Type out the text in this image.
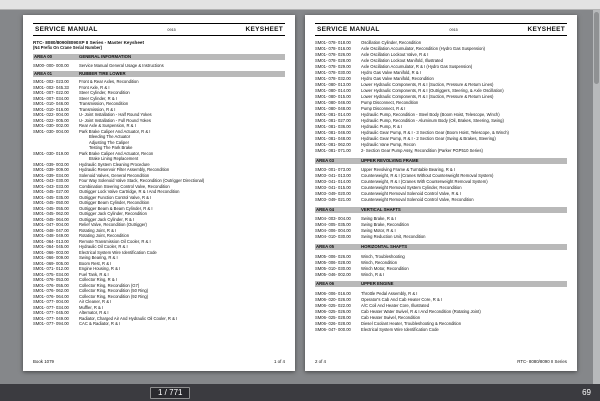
SERVICE MANUAL	0915	KEYSHEET
RTC- 8080/8090/8090XP II Series - Master Keysheet
(N4 Prefix On Crane Serial Number)
AREA 00	GENERAL INFORMATION
SM00- 000- 000.00	Service Manual General Usage & Instructions
AREA 01	RUBBER TIRE LOWER
SM01- 002- 023.00	Front & Rear Axles, Recondition
SM01- 002- 045.33	Front Axle, R & I
SM01- 007- 022.00	Steer Cylinder, Recondition
SM01- 007- 034.00	Steer Cylinder, R & I
SM01- 010- 046.00	Transmission, Recondition
SM01- 010- 016.00	Transmission, R & I
SM01- 022- 004.00	U- Joint Installation - Half Round Yokes
SM01- 022- 005.00	U- Joint Installation - Full Round Yokes
SM01- 030- 002.00	Rear Axle & Suspension, R & I
SM01- 030- 004.00	Park Brake Caliper And Actuator, R & I
Bleeding The Actuator
Adjusting The Caliper
Testing The Park Brake
SM01- 030- 019.00	Park Brake Caliper And Actuator, Recon
Brake Lining Replacement
SM01- 039- 003.00	Hydraulic System Cleaning Procedure
SM01- 039- 009.00	Hydraulic Reservoir Filter Assembly, Recondition
SM01- 039- 034.00	Solenoid Valves, General Recondition
SM01- 043- 030.00	Four Way Solenoid Valve Stack, Recondition (Outrigger Directional)
SM01- 043- 033.00	Combination Steering Control Valve, Recondition
SM01- 045- 027.00	Outrigger Lock Valve Cartridge, R & I And Recondition
SM01- 045- 035.00	Outrigger Function Control Valve, R & I
SM01- 045- 050.00	Outrigger Beam Cylinder, Recondition
SM01- 045- 055.00	Outrigger Beam & Beam Cylinder, R & I
SM01- 045- 062.00	Outrigger Jack Cylinder, Recondition
SM01- 045- 064.00	Outrigger Jack Cylinder, R & I
SM01- 047- 004.00	Relief Valve, Recondition (Outrigger)
SM01- 048- 047.00	Rotating Joint, R & I
SM01- 048- 049.00	Rotating Joint, Recondition
SM01- 064- 013.00	Remote Transmission Oil Cooler, R & I
SM01- 064- 045.00	Hydraulic Oil Cooler, R & I
SM01- 066- 003.00	Electrical System Wire Identification Code
SM01- 066- 009.00	Swing Bearing, R & I
SM01- 069- 005.00	Boom Rest, R & I
SM01- 071- 012.00	Engine Housing, R & I
SM01- 075- 034.00	Fuel Tank, R & I
SM01- 076- 053.00	Collector Ring, R & I
SM01- 076- 055.00	Collector Ring, Recondition (G7)
SM01- 076- 062.00	Collector Ring, Recondition (50 Ring)
SM01- 076- 064.00	Collector Ring, Recondition (92 Ring)
SM01- 077- 004.00	Air Cleaner, R & I
SM01- 077- 034.00	Muffler, R & I
SM01- 077- 045.00	Alternator, R & I
SM01- 077- 049.00	Radiator, Charged Air And Hydraulic Oil Cooler, R & I
SM01- 077- 094.00	CAC & Radiator, R & I
Book 1079	1 of 4
SERVICE MANUAL	0915	KEYSHEET
SM01- 078- 018.00	Oscillation Cylinder, Recondition
SM01- 078- 016.00	Axle Oscillation Accumulator, Recondition (Hydro Gas Suspension)
SM01- 078- 026.00	Axle Oscillation Lockout Valve, R & I
SM01- 078- 028.00	Axle Oscillation Lockout Manifold, Illustrated
SM01- 078- 029.00	Axle Oscillation Accumulator, R & I (Hydro Gas Suspension)
SM01- 078- 030.00	Hydro Gas Valve Manifold, R & I
SM01- 078- 032.00	Hydro Gas Valve Manifold, Recondition
SM01- 080- 013.00	Lower Hydraulic Components, R & I (Suction, Pressure & Return Lines)
SM01- 080- 014.00	Lower Hydraulic Components, R & I (Outriggers, Steering, & Axle Oscillation)
SM01- 080- 015.00	Lower Hydraulic Components, R & I (Suction, Pressure & Return Lines)
SM01- 080- 046.00	Pump Disconnect, Recondition
SM01- 080- 048.00	Pump Disconnect, R & I
SM01- 081- 014.00	Hydraulic Pump, Recondition - Steel Body (Boom Hoist, Telescope, Winch)
SM01- 081- 027.00	Hydraulic Pump, Recondition - Aluminum Body (Oil, Brakes, Steering, Swing)
SM01- 081- 036.00	Hydraulic Pump, R & I
SM01- 081- 046.00	Hydraulic Gear Pump, R & I - 3 Section Gear (Boom Hoist, Telescope, & Winch)
SM01- 081- 048.00	Hydraulic Gear Pump, R & I - 2 Section Gear (Swing & Brakes, Steering)
SM01- 081- 062.00	Hydraulic Vane Pump, Recon
SM01- 081- 071.00	2- Section Gear Pump Assy, Recondition (Parker PGP510 Series)
AREA 03	UPPER REVOLVING FRAME
SM03- 001- 073.00	Upper Revolving Frame & Turntable Bearing, R & I
SM03- 041- 013.00	Counterweight, R & I (Cranes Without Counterweight Removal System)
SM03- 041- 014.00	Counterweight, R & I (Cranes With Counterweight Removal System)
SM03- 041- 015.00	Counterweight Removal System Cylinder, Recondition
SM03- 049- 020.00	Counterweight Removal Solenoid Control Valve, R & I
SM03- 049- 021.00	Counterweight Removal Solenoid Control Valve, Recondition
AREA 04	VERTICAL SHAFTS
SM04- 003- 004.00	Swing Brake, R & I
SM04- 005- 035.00	Swing Brake, Recondition
SM04- 006- 004.00	Swing Motor, R & I
SM04- 010- 030.00	Swing Reduction Unit, Recondition
AREA 05	HORIZONTAL SHAFTS
SM05- 006- 026.00	Winch, Troubleshooting
SM05- 006- 028.00	Winch, Recondition
SM05- 010- 030.00	Winch Motor, Recondition
SM05- 046- 002.00	Winch, R & I
AREA 06	UPPER ENGINE
SM06- 006- 016.00	Throttle Pedal Assembly, R & I
SM06- 020- 026.00	Operator's Cab And Cab Heater Core, R & I
SM06- 025- 022.00	A/C Coil And Heater Core, Illustrated
SM06- 025- 026.00	Cab Heater Water Swivel, R & I And Recondition (Rotating Joint)
SM06- 025- 028.00	Cab Heater Swivel, Recondition
SM06- 026- 028.00	Diesel Coolant Heater, Troubleshooting & Recondition
SM06- 047- 000.00	Electrical System Wire Identification Code
2 of 4	RTC- 8080/8090 II Series
1 / 771	69
